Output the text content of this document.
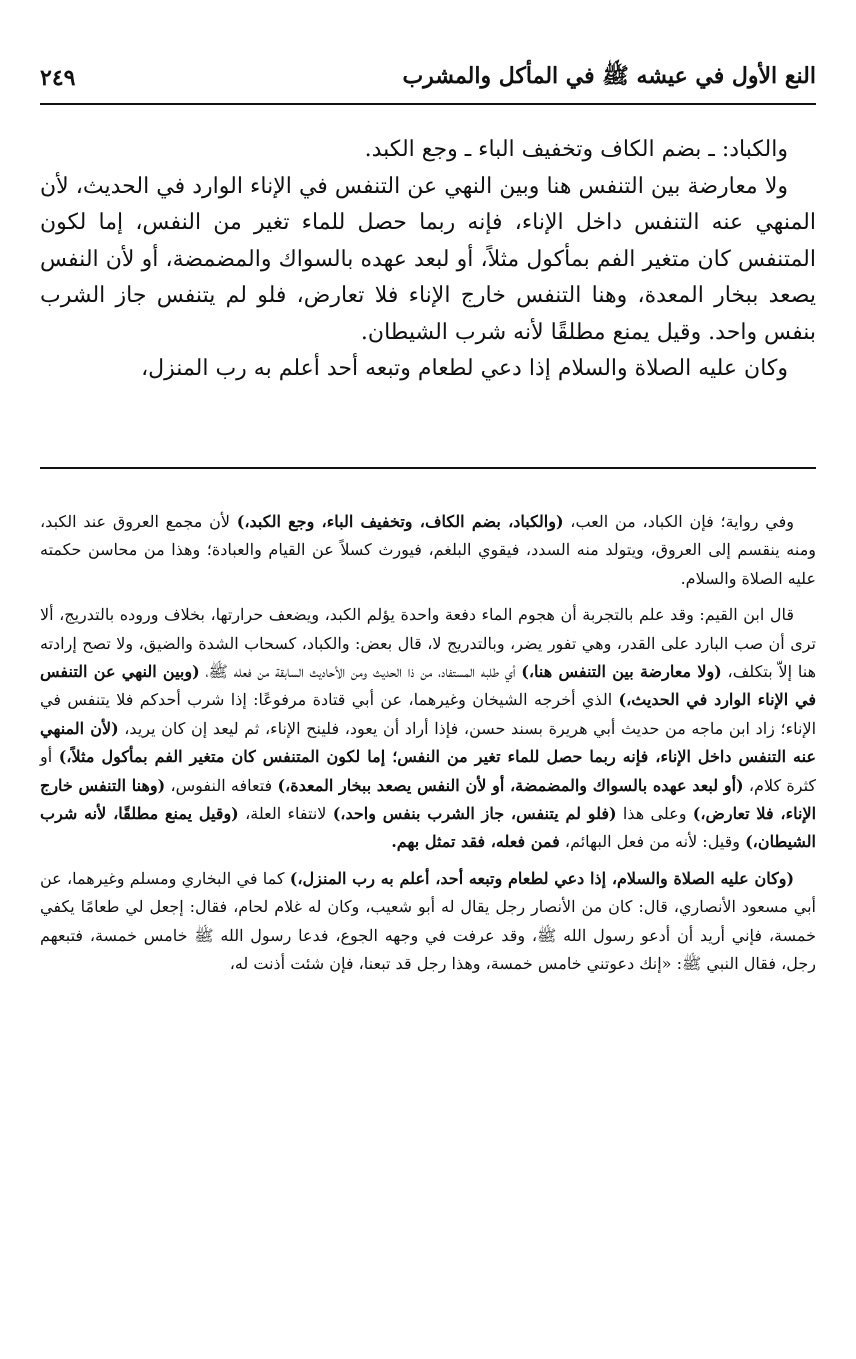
النع الأول في عيشه ﷺ في المأكل والمشرب
٢٤٩

والكباد: ـ بضم الكاف وتخفيف الباء ـ وجع الكبد.

ولا معارضة بين التنفس هنا وبين النهي عن التنفس في الإناء الوارد في الحديث، لأن المنهي عنه التنفس داخل الإناء، فإنه ربما حصل للماء تغير من النفس، إما لكون المتنفس كان متغير الفم بمأكول مثلاً، أو لبعد عهده بالسواك والمضمضة، أو لأن النفس يصعد ببخار المعدة، وهنا التنفس خارج الإناء فلا تعارض، فلو لم يتنفس جاز الشرب بنفس واحد. وقيل يمنع مطلقًا لأنه شرب الشيطان.

وكان عليه الصلاة والسلام إذا دعي لطعام وتبعه أحد أعلم به رب المنزل،

وفي رواية؛ فإن الكباد، من العب، (والكباد، بضم الكاف، وتخفيف الباء، وجع الكبد،) لأن مجمع العروق عند الكبد، ومنه ينقسم إلى العروق، ويتولد منه السدد، فيقوي البلغم، فيورث كسلاً عن القيام والعبادة؛ وهذا من محاسن حكمته عليه الصلاة والسلام.

قال ابن القيم: وقد علم بالتجربة أن هجوم الماء دفعة واحدة يؤلم الكبد، ويضعف حرارتها، بخلاف وروده بالتدريج، ألا ترى أن صب البارد على القدر، وهي تفور يضر، وبالتدريج لا، قال بعض: والكباد، كسحاب الشدة والضيق، ولا تصح إرادته هنا إلاّ بتكلف، (ولا معارضة بين التنفس هنا،) أي طلبه المستفاد، من ذا الحديث ومن الأحاديث السابقة من فعله ﷺ، (وبين النهي عن التنفس في الإناء الوارد في الحديث،) الذي أخرجه الشيخان وغيرهما، عن أبي قتادة مرفوعًا: إذا شرب أحدكم فلا يتنفس في الإناء؛ زاد ابن ماجه من حديث أبي هريرة بسند حسن، فإذا أراد أن يعود، فلينح الإناء، ثم ليعد إن كان يريد، (لأن المنهي عنه التنفس داخل الإناء، فإنه ربما حصل للماء تغير من النفس؛ إما لكون المتنفس كان متغير الفم بمأكول مثلاً،) أو كثرة كلام، (أو لبعد عهده بالسواك والمضمضة، أو لأن النفس يصعد ببخار المعدة،) فتعافه النفوس، (وهنا التنفس خارج الإناء، فلا تعارض،) وعلى هذا (فلو لم يتنفس، جاز الشرب بنفس واحد،) لانتفاء العلة، (وقيل يمنع مطلقًا، لأنه شرب الشيطان،) وقيل: لأنه من فعل البهائم، فمن فعله، فقد تمثل بهم.

(وكان عليه الصلاة والسلام، إذا دعي لطعام وتبعه أحد، أعلم به رب المنزل،) كما في البخاري ومسلم وغيرهما، عن أبي مسعود الأنصاري، قال: كان من الأنصار رجل يقال له أبو شعيب، وكان له غلام لحام، فقال: إجعل لي طعامًا يكفي خمسة، فإني أريد أن أدعو رسول الله ﷺ، وقد عرفت في وجهه الجوع، فدعا رسول الله ﷺ خامس خمسة، فتبعهم رجل، فقال النبي ﷺ: «إنك دعوتني خامس خمسة، وهذا رجل قد تبعنا، فإن شئت أذنت له،
